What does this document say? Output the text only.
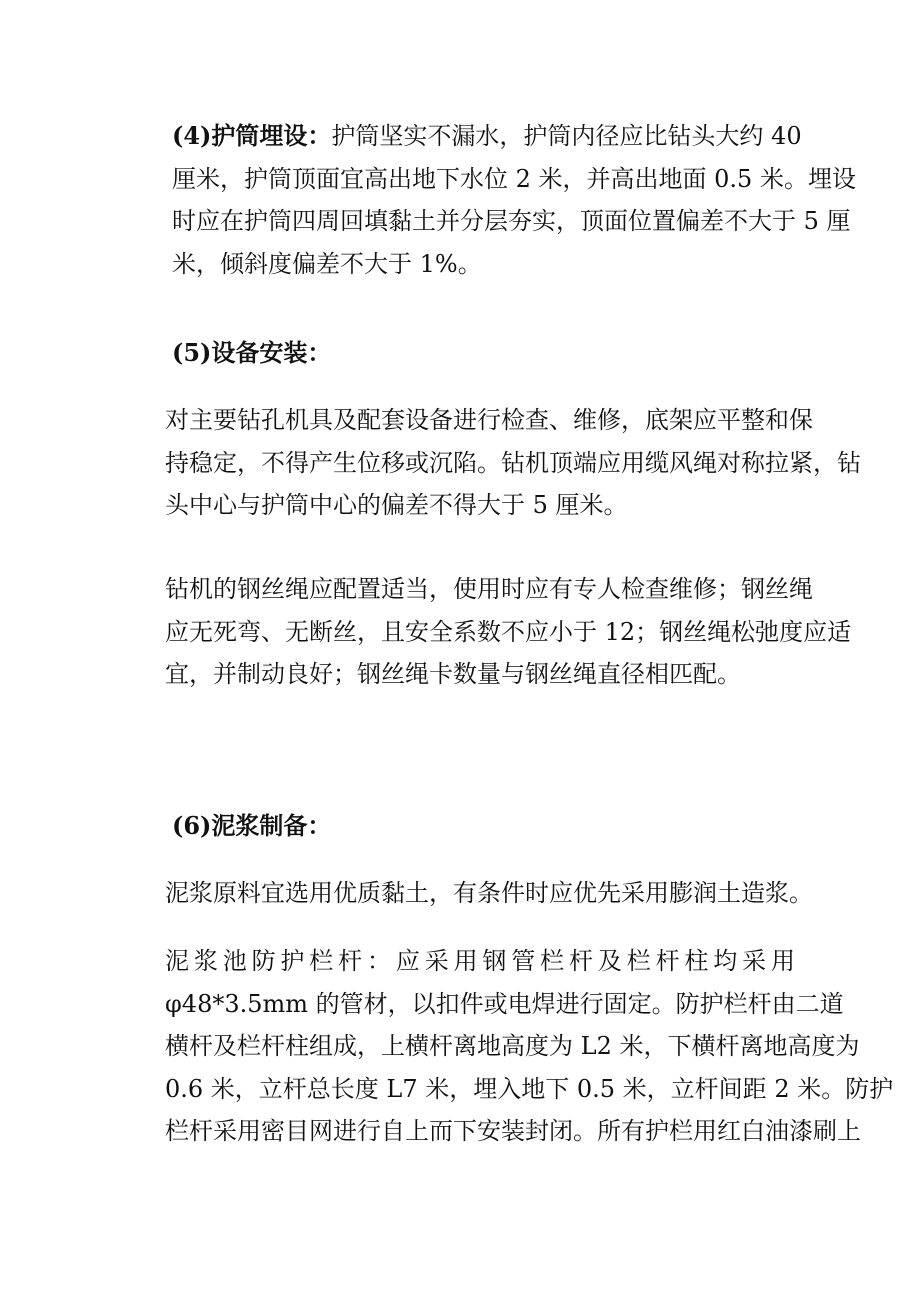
(4)护筒埋设：护筒坚实不漏水，护筒内径应比钻头大约 40
厘米，护筒顶面宜高出地下水位 2 米，并高出地面 0.5 米。埋设
时应在护筒四周回填黏土并分层夯实，顶面位置偏差不大于 5 厘
米，倾斜度偏差不大于 1%。

(5)设备安装：

对主要钻孔机具及配套设备进行检查、维修，底架应平整和保
持稳定，不得产生位移或沉陷。钻机顶端应用缆风绳对称拉紧，钻
头中心与护筒中心的偏差不得大于 5 厘米。

钻机的钢丝绳应配置适当，使用时应有专人检查维修；钢丝绳
应无死弯、无断丝，且安全系数不应小于 12；钢丝绳松弛度应适
宜，并制动良好；钢丝绳卡数量与钢丝绳直径相匹配。

(6)泥浆制备：

泥浆原料宜选用优质黏土，有条件时应优先采用膨润土造浆。

泥浆池防护栏杆：应采用钢管栏杆及栏杆柱均采用
φ48*3.5mm 的管材，以扣件或电焊进行固定。防护栏杆由二道
横杆及栏杆柱组成，上横杆离地高度为 L2 米，下横杆离地高度为
0.6 米，立杆总长度 L7 米，埋入地下 0.5 米，立杆间距 2 米。防护
栏杆采用密目网进行自上而下安装封闭。所有护栏用红白油漆刷上
